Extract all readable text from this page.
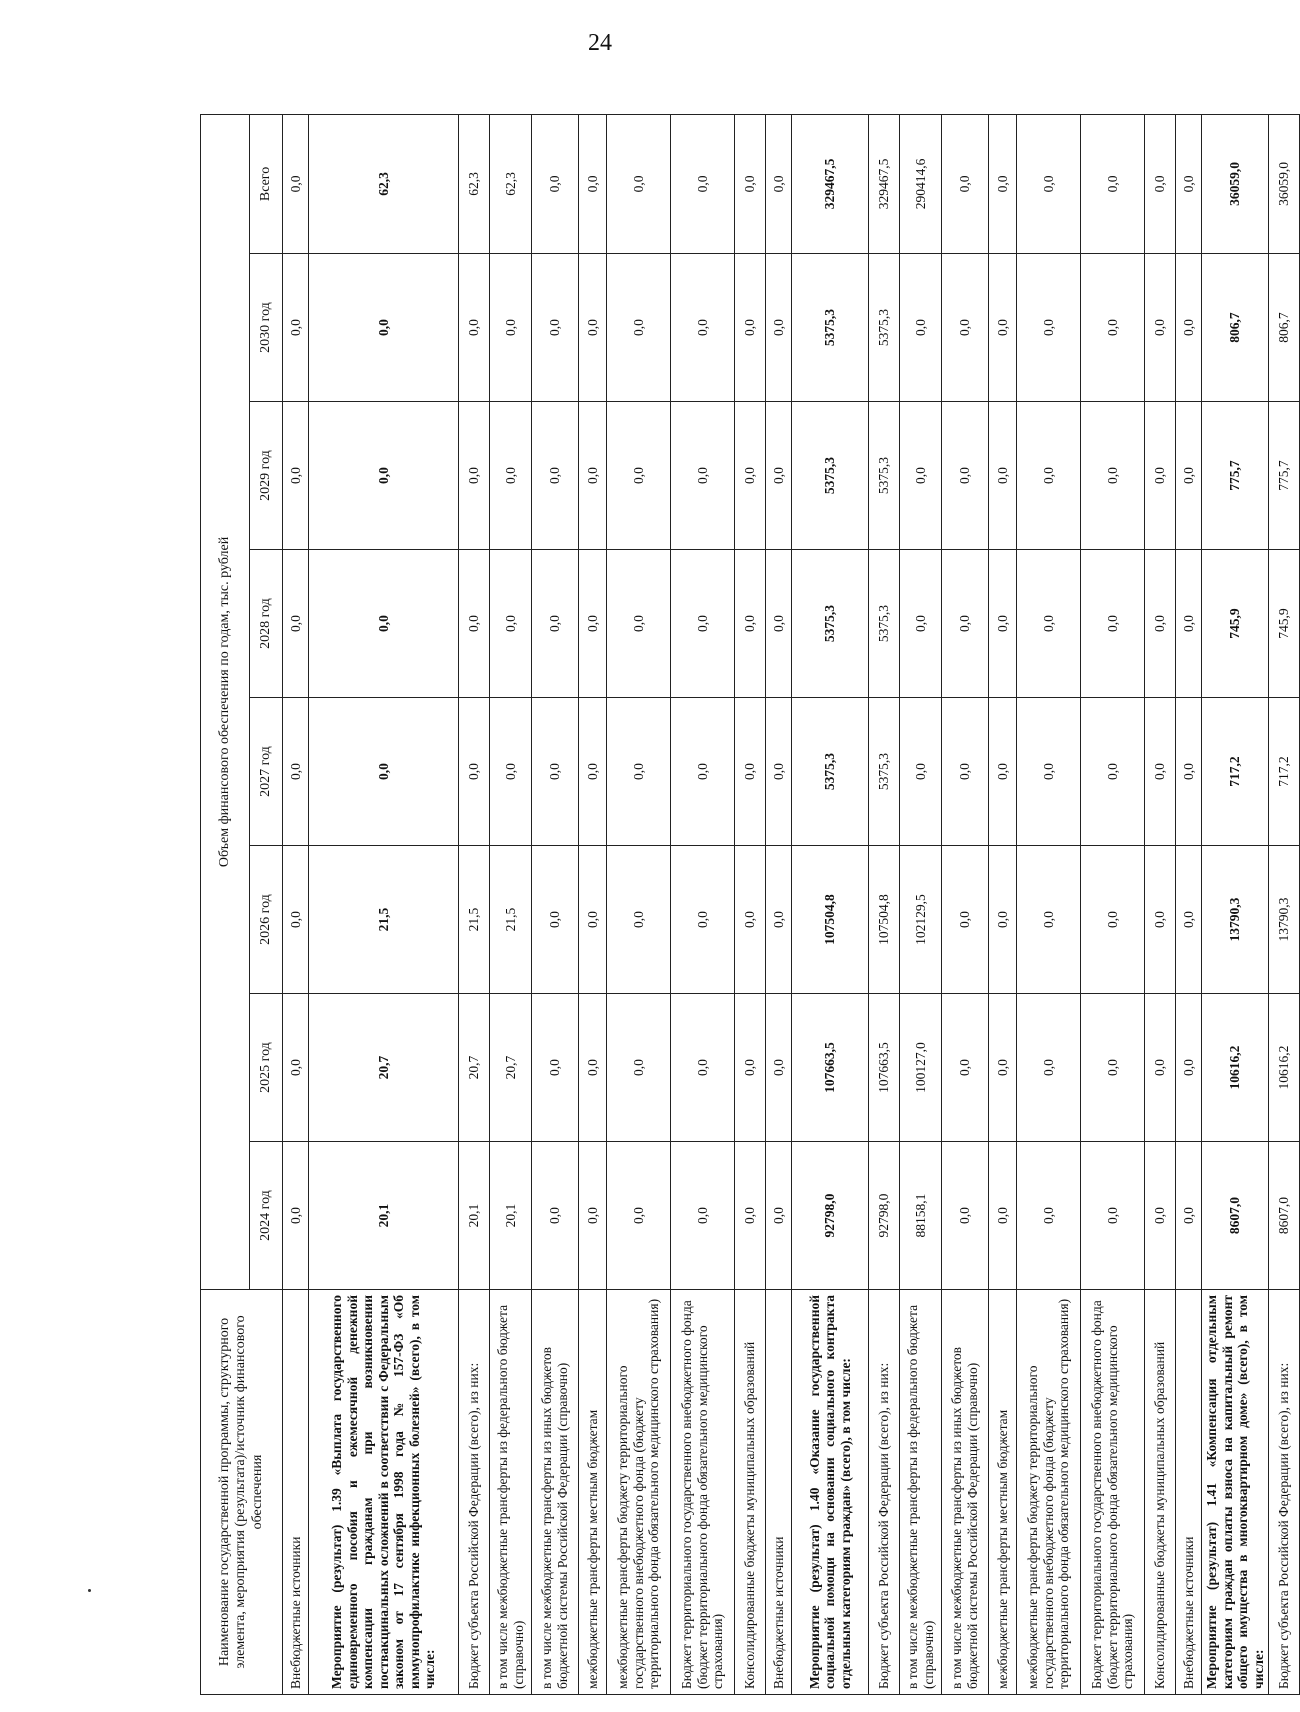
24
Наименование государственной программы, структурного элемента, мероприятия (результата)/источник финансового обеспечения	Объем финансового обеспечения по годам, тыс. рублей							
	2024 год	2025 год	2026 год	2027 год	2028 год	2029 год	2030 год	Всего
Внебюджетные источники	0,0	0,0	0,0	0,0	0,0	0,0	0,0	0,0
Мероприятие (результат) 1.39 «Выплата государственного единовременного пособия и ежемесячной денежной компенсации гражданам при возникновении поствакцинальных осложнений в соответствии с Федеральным законом от 17 сентября 1998 года № 157-ФЗ «Об иммунопрофилактике инфекционных болезней» (всего), в том числе:	20,1	20,7	21,5	0,0	0,0	0,0	0,0	62,3
Бюджет субъекта Российской Федерации (всего), из них:	20,1	20,7	21,5	0,0	0,0	0,0	0,0	62,3
в том числе межбюджетные трансферты из федерального бюджета (справочно)	20,1	20,7	21,5	0,0	0,0	0,0	0,0	62,3
в том числе межбюджетные трансферты из иных бюджетов бюджетной системы Российской Федерации (справочно)	0,0	0,0	0,0	0,0	0,0	0,0	0,0	0,0
межбюджетные трансферты местным бюджетам	0,0	0,0	0,0	0,0	0,0	0,0	0,0	0,0
межбюджетные трансферты бюджету территориального государственного внебюджетного фонда (бюджету территориального фонда обязательного медицинского страхования)	0,0	0,0	0,0	0,0	0,0	0,0	0,0	0,0
Бюджет территориального государственного внебюджетного фонда (бюджет территориального фонда обязательного медицинского страхования)	0,0	0,0	0,0	0,0	0,0	0,0	0,0	0,0
Консолидированные бюджеты муниципальных образований	0,0	0,0	0,0	0,0	0,0	0,0	0,0	0,0
Внебюджетные источники	0,0	0,0	0,0	0,0	0,0	0,0	0,0	0,0
Мероприятие (результат) 1.40 «Оказание государственной социальной помощи на основании социального контракта отдельным категориям граждан» (всего), в том числе:	92798,0	107663,5	107504,8	5375,3	5375,3	5375,3	5375,3	329467,5
Бюджет субъекта Российской Федерации (всего), из них:	92798,0	107663,5	107504,8	5375,3	5375,3	5375,3	5375,3	329467,5
в том числе межбюджетные трансферты из федерального бюджета (справочно)	88158,1	100127,0	102129,5	0,0	0,0	0,0	0,0	290414,6
в том числе межбюджетные трансферты из иных бюджетов бюджетной системы Российской Федерации (справочно)	0,0	0,0	0,0	0,0	0,0	0,0	0,0	0,0
межбюджетные трансферты местным бюджетам	0,0	0,0	0,0	0,0	0,0	0,0	0,0	0,0
межбюджетные трансферты бюджету территориального государственного внебюджетного фонда (бюджету территориального фонда обязательного медицинского страхования)	0,0	0,0	0,0	0,0	0,0	0,0	0,0	0,0
Бюджет территориального государственного внебюджетного фонда (бюджет территориального фонда обязательного медицинского страхования)	0,0	0,0	0,0	0,0	0,0	0,0	0,0	0,0
Консолидированные бюджеты муниципальных образований	0,0	0,0	0,0	0,0	0,0	0,0	0,0	0,0
Внебюджетные источники	0,0	0,0	0,0	0,0	0,0	0,0	0,0	0,0
Мероприятие (результат) 1.41 «Компенсация отдельным категориям граждан оплаты взноса на капитальный ремонт общего имущества в многоквартирном доме» (всего), в том числе:	8607,0	10616,2	13790,3	717,2	745,9	775,7	806,7	36059,0
Бюджет субъекта Российской Федерации (всего), из них:	8607,0	10616,2	13790,3	717,2	745,9	775,7	806,7	36059,0
